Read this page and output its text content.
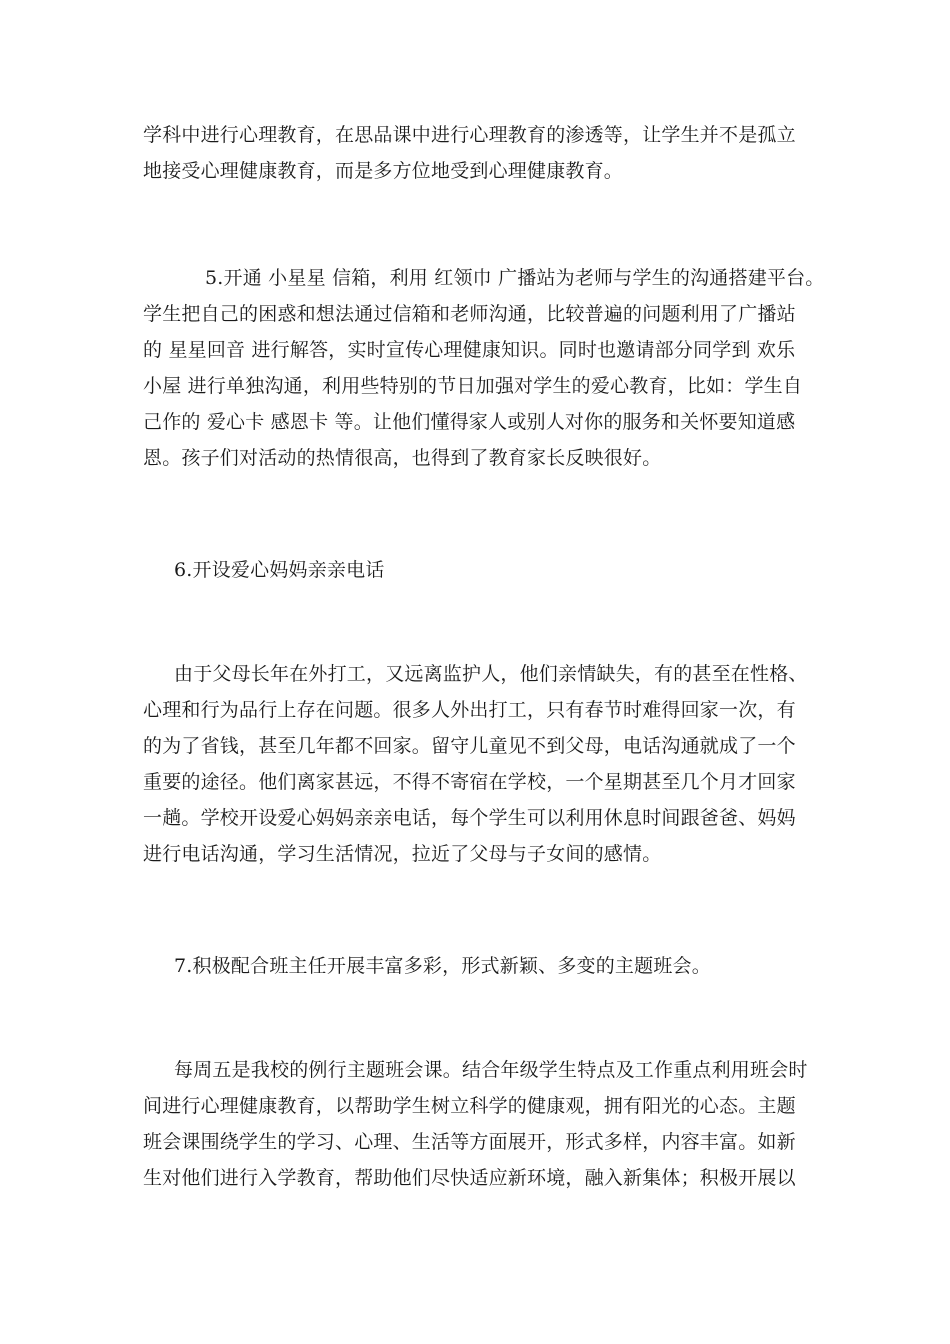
学科中进行心理教育，在思品课中进行心理教育的渗透等，让学生并不是孤立
地接受心理健康教育，而是多方位地受到心理健康教育。
5.开通 小星星 信箱，利用 红领巾 广播站为老师与学生的沟通搭建平台。
学生把自己的困惑和想法通过信箱和老师沟通，比较普遍的问题利用了广播站
的 星星回音 进行解答，实时宣传心理健康知识。同时也邀请部分同学到 欢乐
小屋 进行单独沟通，利用些特别的节日加强对学生的爱心教育，比如：学生自
己作的 爱心卡 感恩卡 等。让他们懂得家人或别人对你的服务和关怀要知道感
恩。孩子们对活动的热情很高，也得到了教育家长反映很好。
6.开设爱心妈妈亲亲电话
由于父母长年在外打工，又远离监护人，他们亲情缺失，有的甚至在性格、
心理和行为品行上存在问题。很多人外出打工，只有春节时难得回家一次，有
的为了省钱，甚至几年都不回家。留守儿童见不到父母，电话沟通就成了一个
重要的途径。他们离家甚远，不得不寄宿在学校，一个星期甚至几个月才回家
一趟。学校开设爱心妈妈亲亲电话，每个学生可以利用休息时间跟爸爸、妈妈
进行电话沟通，学习生活情况，拉近了父母与子女间的感情。
7.积极配合班主任开展丰富多彩，形式新颖、多变的主题班会。
每周五是我校的例行主题班会课。结合年级学生特点及工作重点利用班会时
间进行心理健康教育，以帮助学生树立科学的健康观，拥有阳光的心态。主题
班会课围绕学生的学习、心理、生活等方面展开，形式多样，内容丰富。如新
生对他们进行入学教育，帮助他们尽快适应新环境，融入新集体；积极开展以
